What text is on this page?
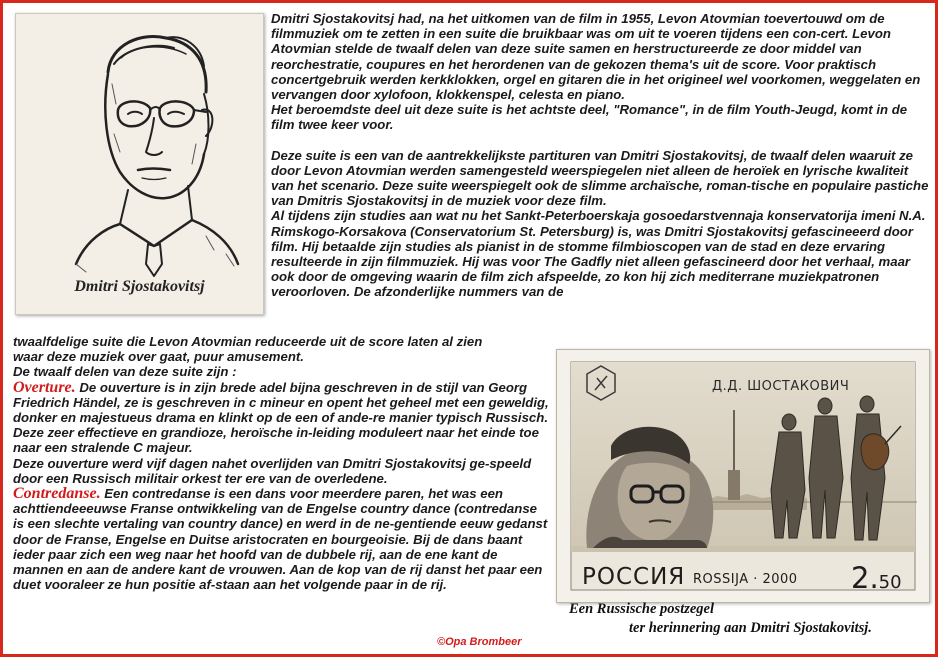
Dmitri Sjostakovitsj

Dmitri Sjostakovitsj had, na het uitkomen van de film in 1955, Levon Atovmian toevertouwd om de filmmuziek om te zetten in een suite die bruikbaar was om uit te voeren tijdens een con-cert. Levon Atovmian stelde de twaalf delen van deze suite samen en herstructureerde ze door middel van reorchestratie, coupures en het herordenen van de gekozen thema's uit de score. Voor praktisch concertgebruik werden kerkklokken, orgel en gitaren die in het origineel wel voorkomen, weggelaten en vervangen door xylofoon, klokkenspel, celesta en piano.

Het beroemdste deel uit deze suite is het achtste deel, "Romance", in de film Youth-Jeugd, komt in de film twee keer voor.

Deze suite is een van de aantrekkelijkste partituren van Dmitri Sjostakovitsj, de twaalf delen waaruit ze door Levon Atovmian werden samengesteld weerspiegelen niet alleen de heroïek en lyrische kwaliteit van het scenario. Deze suite weerspiegelt ook de slimme archaïsche, roman-tische en populaire pastiche van Dmitris Sjostakovitsj in de muziek voor deze film.

Al tijdens zijn studies aan wat nu het Sankt-Peterboerskaja gosoedarstvennaja konservatorija imeni N.A. Rimskogo-Korsakova (Conservatorium St. Petersburg) is, was Dmitri Sjostakovitsj gefascineeerd door film. Hij betaalde zijn studies als pianist in de stomme filmbioscopen van de stad en deze ervaring resulteerde in zijn filmmuziek. Hij was voor The Gadfly niet alleen gefascineerd door het verhaal, maar ook door de omgeving waarin de film zich afspeelde, zo kon hij zich mediterrane muziekpatronen veroorloven. De afzonderlijke nummers van de

twaalfdelige suite die Levon Atovmian reduceerde uit de score laten al zien waar deze muziek over gaat, puur amusement.

De twaalf delen van deze suite zijn :

Overture. De ouverture is in zijn brede adel bijna geschreven in de stijl van Georg Friedrich Händel, ze is geschreven in c mineur en opent het geheel met een geweldig, donker en majestueus drama en klinkt op de een of ande-re manier typisch Russisch. Deze zeer effectieve en grandioze, heroïsche in-leiding moduleert naar het einde toe naar een stralende C majeur.

Deze ouverture werd vijf dagen nahet overlijden van Dmitri Sjostakovitsj ge-speeld door een Russisch militair orkest ter ere van de overledene.

Contredanse. Een contredanse is een dans voor meerdere paren, het was een achttiendeeeuwse Franse ontwikkeling van de Engelse country dance (contredanse is een slechte vertaling van country dance) en werd in de ne-gentiende eeuw gedanst door de Franse, Engelse en Duitse aristocraten en bourgeoisie. Bij de dans baant ieder paar zich een weg naar het hoofd van de dubbele rij, aan de ene kant de mannen en aan de andere kant de vrouwen. Aan de kop van de rij danst het paar een duet vooraleer ze hun positie af-staan aan het volgende paar in de rij.

Д.Д. ШОСТАКОВИЧ
РОССИЯ ROSSIJA · 2000 2.50
Een Russische postzegel
ter herinnering aan Dmitri Sjostakovitsj.
©Opa Brombeer
